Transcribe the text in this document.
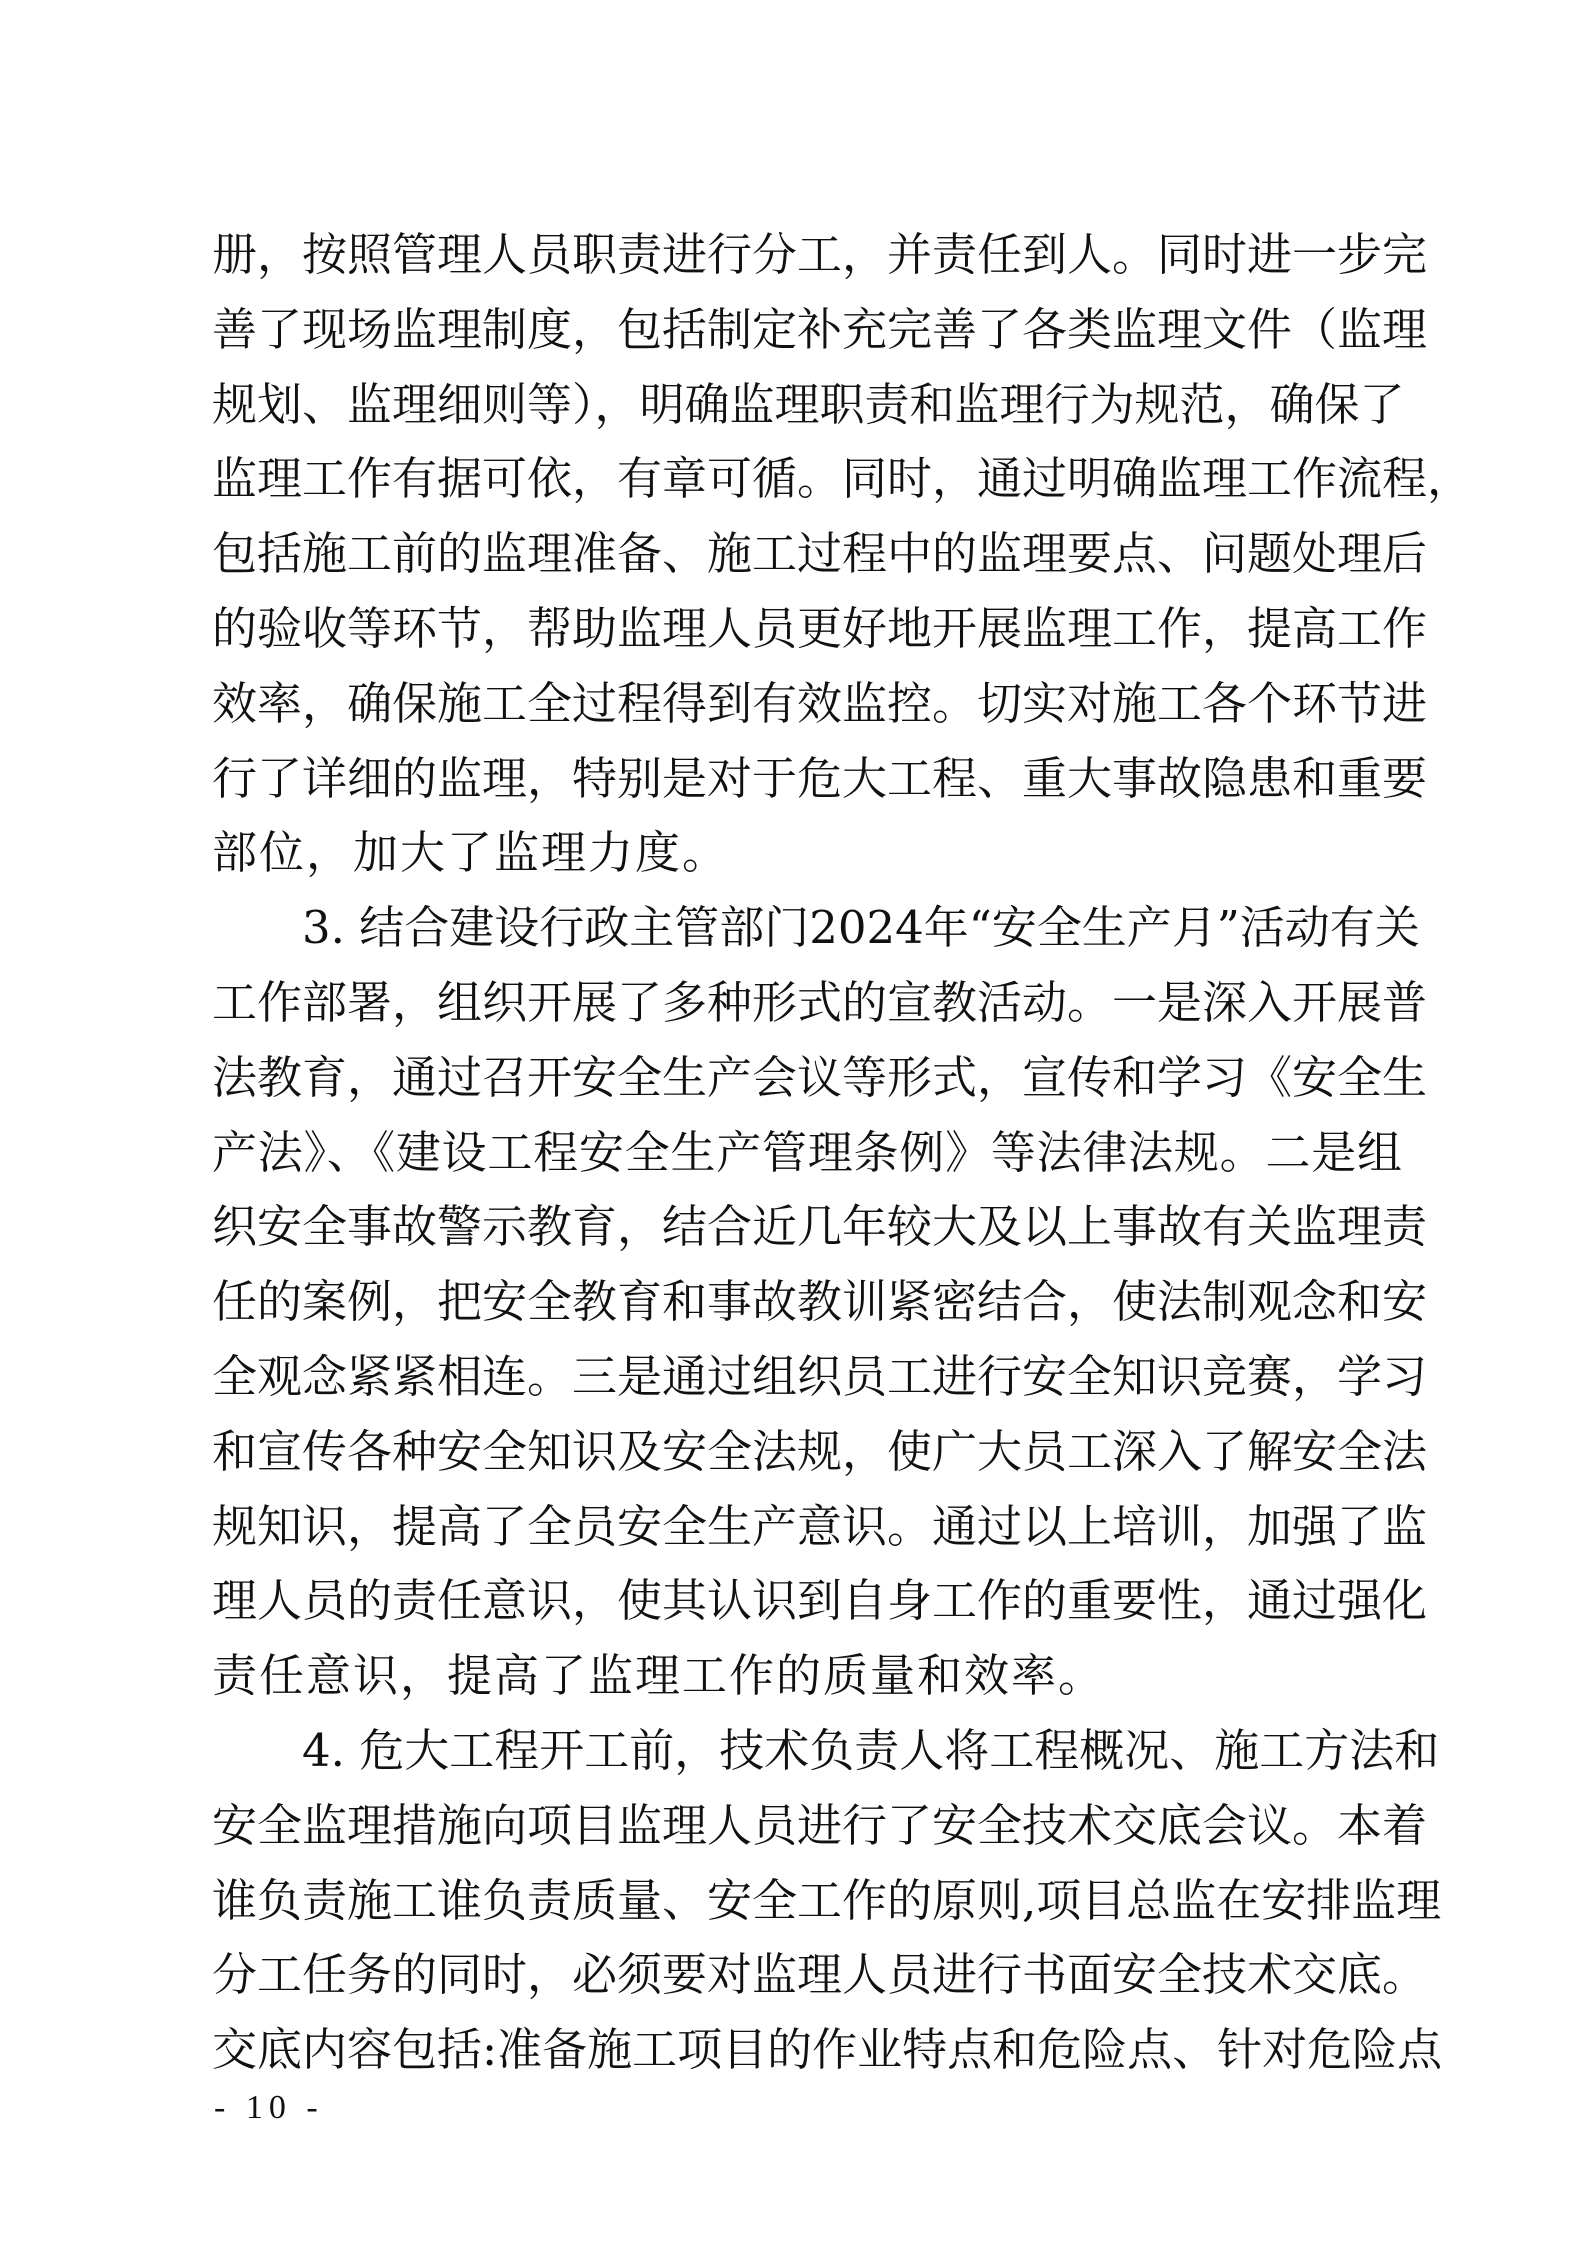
册，按照管理人员职责进行分工，并责任到人。同时进一步完
善了现场监理制度，包括制定补充完善了各类监理文件（监理
规划、监理细则等），明确监理职责和监理行为规范，确保了
监理工作有据可依，有章可循。同时，通过明确监理工作流程，
包括施工前的监理准备、施工过程中的监理要点、问题处理后
的验收等环节，帮助监理人员更好地开展监理工作，提高工作
效率，确保施工全过程得到有效监控。切实对施工各个环节进
行了详细的监理，特别是对于危大工程、重大事故隐患和重要
部位，加大了监理力度。
3. 结合建设行政主管部门2024年“安全生产月”活动有关
工作部署，组织开展了多种形式的宣教活动。一是深入开展普
法教育，通过召开安全生产会议等形式，宣传和学习《安全生
产法》、《建设工程安全生产管理条例》等法律法规。二是组
织安全事故警示教育，结合近几年较大及以上事故有关监理责
任的案例，把安全教育和事故教训紧密结合，使法制观念和安
全观念紧紧相连。三是通过组织员工进行安全知识竞赛，学习
和宣传各种安全知识及安全法规，使广大员工深入了解安全法
规知识，提高了全员安全生产意识。通过以上培训，加强了监
理人员的责任意识，使其认识到自身工作的重要性，通过强化
责任意识，提高了监理工作的质量和效率。
4. 危大工程开工前，技术负责人将工程概况、施工方法和
安全监理措施向项目监理人员进行了安全技术交底会议。本着
谁负责施工谁负责质量、安全工作的原则,项目总监在安排监理
分工任务的同时，必须要对监理人员进行书面安全技术交底。
交底内容包括:准备施工项目的作业特点和危险点、针对危险点
- 10 -
